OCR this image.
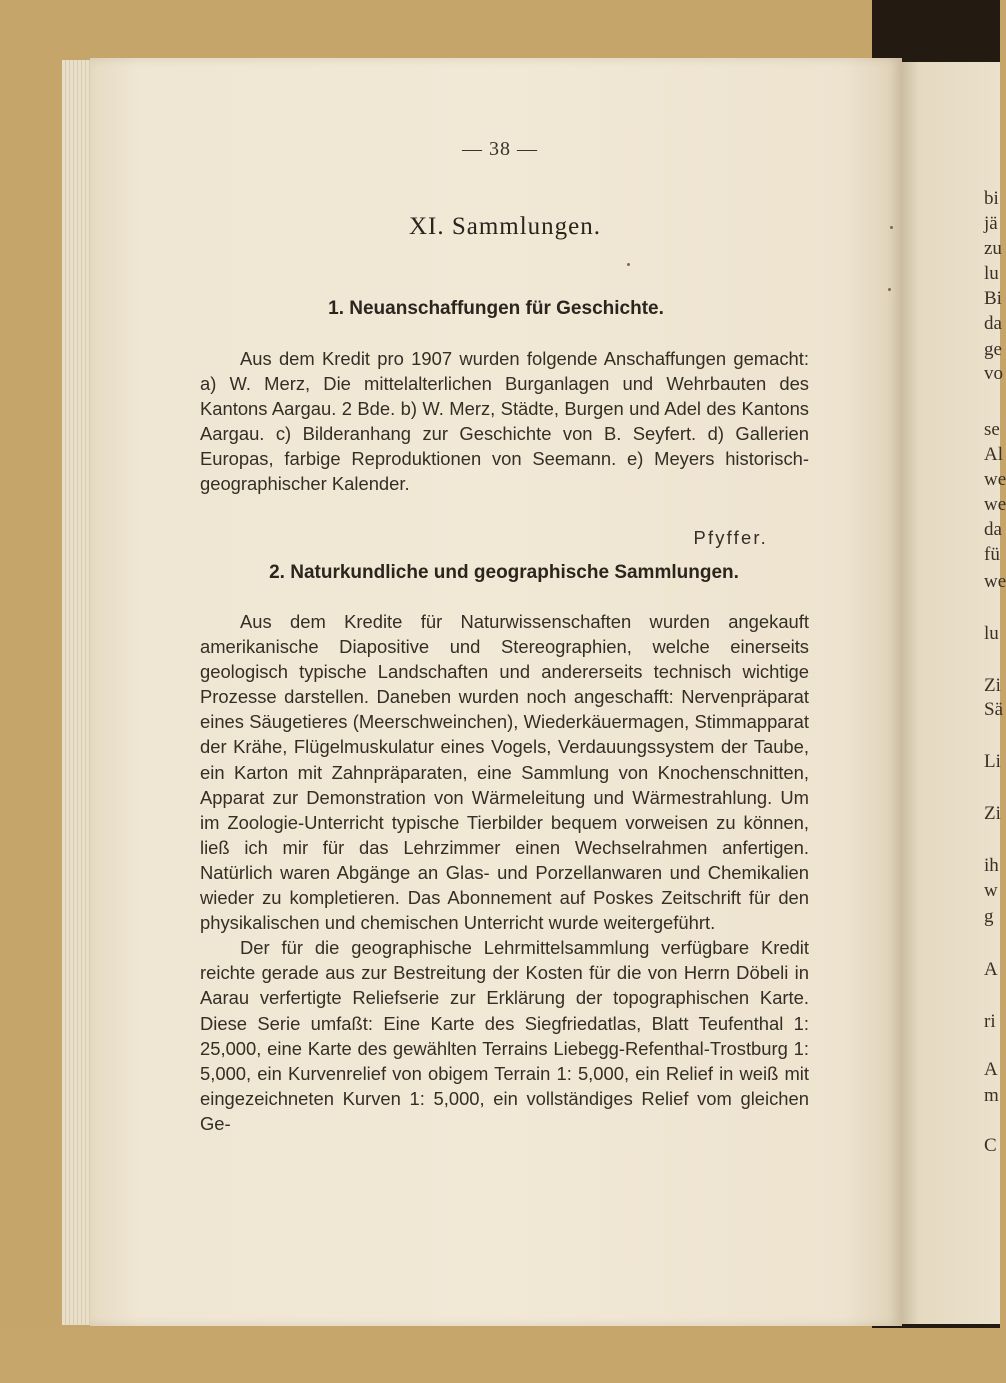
bi
jä
zu
lu
Bi
da
ge
vo
se
Al
we
we
da
fü
we
lu
Zi
Sä
Li
Zi
ih
w
g
A
ri
A
m
C
— 38 —
XI. Sammlungen.
1. Neuanschaffungen für Geschichte.

Aus dem Kredit pro 1907 wurden folgende Anschaffungen gemacht: a) W. Merz, Die mittelalterlichen Burganlagen und Wehrbauten des Kantons Aargau. 2 Bde. b) W. Merz, Städte, Burgen und Adel des Kantons Aargau. c) Bilderanhang zur Geschichte von B. Seyfert. d) Gallerien Europas, farbige Reproduktionen von Seemann. e) Meyers historisch-geographischer Kalender.

Pfyffer.
2. Naturkundliche und geographische Sammlungen.

Aus dem Kredite für Naturwissenschaften wurden angekauft amerikanische Diapositive und Stereographien, welche einerseits geologisch typische Landschaften und andererseits technisch wichtige Prozesse darstellen. Daneben wurden noch angeschafft: Nervenpräparat eines Säugetieres (Meerschweinchen), Wiederkäuermagen, Stimmapparat der Krähe, Flügelmuskulatur eines Vogels, Verdauungssystem der Taube, ein Karton mit Zahnpräparaten, eine Sammlung von Knochenschnitten, Apparat zur Demonstration von Wärmeleitung und Wärmestrahlung. Um im Zoologie-Unterricht typische Tierbilder bequem vorweisen zu können, ließ ich mir für das Lehrzimmer einen Wechselrahmen anfertigen. Natürlich waren Abgänge an Glas- und Porzellanwaren und Chemikalien wieder zu kompletieren. Das Abonnement auf Poskes Zeitschrift für den physikalischen und chemischen Unterricht wurde weitergeführt.

Der für die geographische Lehrmittelsammlung verfügbare Kredit reichte gerade aus zur Bestreitung der Kosten für die von Herrn Döbeli in Aarau verfertigte Reliefserie zur Erklärung der topographischen Karte. Diese Serie umfaßt: Eine Karte des Siegfriedatlas, Blatt Teufenthal 1: 25,000, eine Karte des gewählten Terrains Liebegg-Refenthal-Trostburg 1: 5,000, ein Kurvenrelief von obigem Terrain 1: 5,000, ein Relief in weiß mit eingezeichneten Kurven 1: 5,000, ein vollständiges Relief vom gleichen Ge-
